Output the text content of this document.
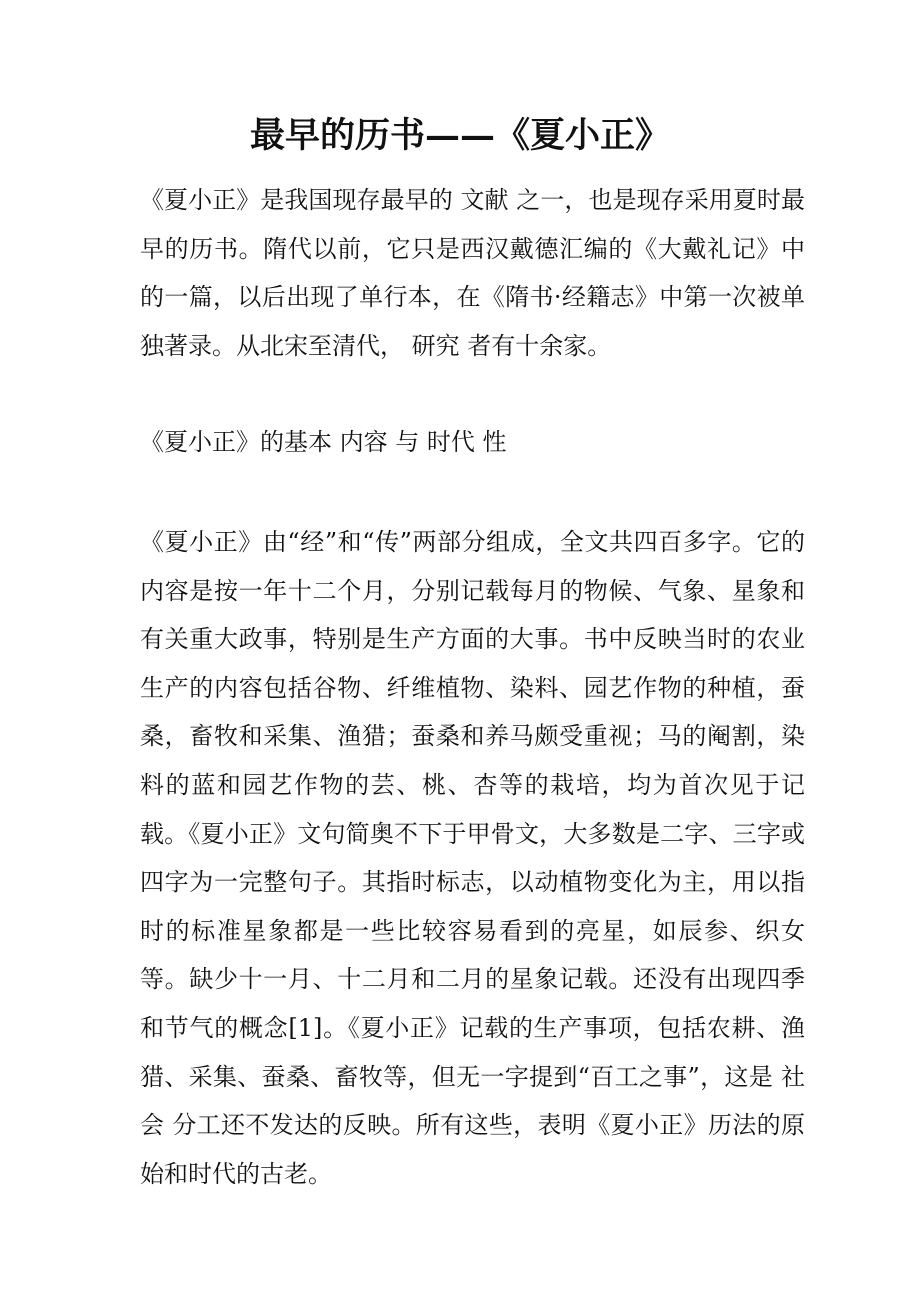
最早的历书——《夏小正》

《夏小正》是我国现存最早的 文献 之一，也是现存采用夏时最早的历书。隋代以前，它只是西汉戴德汇编的《大戴礼记》中的一篇，以后出现了单行本，在《隋书·经籍志》中第一次被单独著录。从北宋至清代， 研究 者有十余家。

《夏小正》的基本 内容 与 时代 性

《夏小正》由“经”和“传”两部分组成，全文共四百多字。它的内容是按一年十二个月，分别记载每月的物候、气象、星象和有关重大政事，特别是生产方面的大事。书中反映当时的农业生产的内容包括谷物、纤维植物、染料、园艺作物的种植，蚕桑，畜牧和采集、渔猎；蚕桑和养马颇受重视；马的阉割，染料的蓝和园艺作物的芸、桃、杏等的栽培，均为首次见于记载。《夏小正》文句简奥不下于甲骨文，大多数是二字、三字或四字为一完整句子。其指时标志，以动植物变化为主，用以指时的标准星象都是一些比较容易看到的亮星，如辰参、织女等。缺少十一月、十二月和二月的星象记载。还没有出现四季和节气的概念[1]。《夏小正》记载的生产事项，包括农耕、渔猎、采集、蚕桑、畜牧等，但无一字提到“百工之事”，这是 社会 分工还不发达的反映。所有这些，表明《夏小正》历法的原始和时代的古老。
